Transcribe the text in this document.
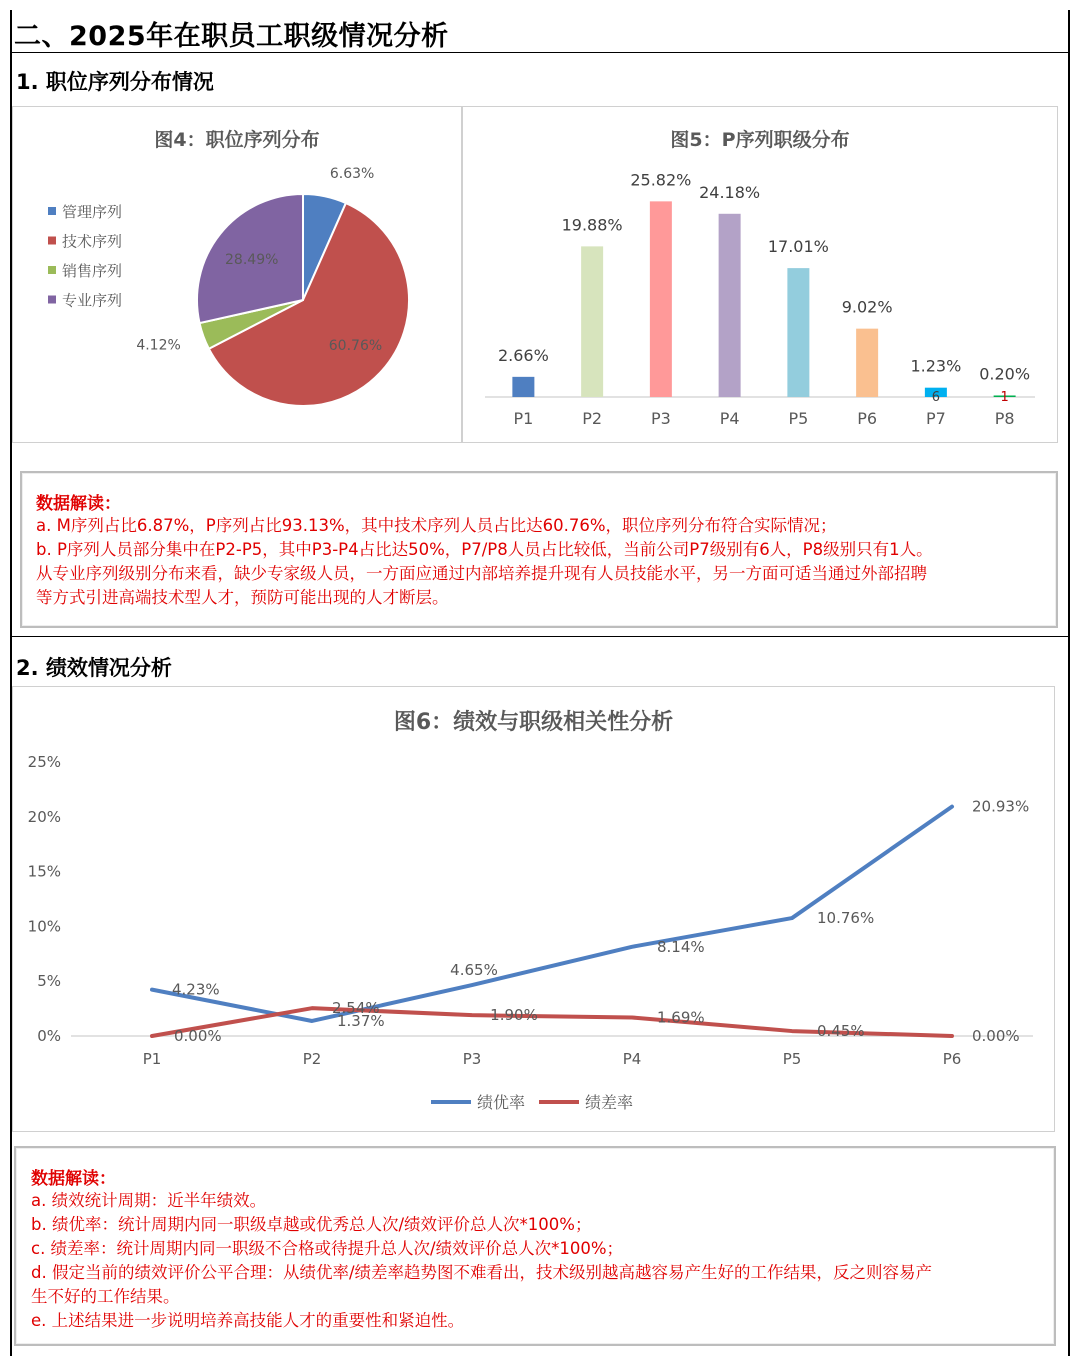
二、2025年在职员工职级情况分析
1. 职位序列分布情况
图4：职位序列分布
6.63%
60.76%
4.12%
28.49%
管理序列
技术序列
销售序列
专业序列
图5：P序列职级分布
2.66%
P1
19.88%
P2
25.82%
P3
24.18%
P4
17.01%
P5
9.02%
P6
1.23%
P7
6
0.20%
P8
1
数据解读：
a. M序列占比6.87%，P序列占比93.13%，其中技术序列人员占比达60.76%，职位序列分布符合实际情况；
b. P序列人员部分集中在P2-P5，其中P3-P4占比达50%，P7/P8人员占比较低，当前公司P7级别有6人，P8级别只有1人。
从专业序列级别分布来看，缺少专家级人员，一方面应通过内部培养提升现有人员技能水平，另一方面可适当通过外部招聘
等方式引进高端技术型人才，预防可能出现的人才断层。
2. 绩效情况分析
图6：绩效与职级相关性分析
0%
5%
10%
15%
20%
25%
P1	P2	P3	P4	P5	P6
4.23%
1.37%
4.65%
8.14%
10.76%
20.93%
0.00%
2.54%	1.90%	1.69%
0.45%	0.00%
绩优率	绩差率
数据解读：
a. 绩效统计周期：近半年绩效。
b. 绩优率：统计周期内同一职级卓越或优秀总人次/绩效评价总人次*100%；
c. 绩差率：统计周期内同一职级不合格或待提升总人次/绩效评价总人次*100%；
d. 假定当前的绩效评价公平合理：从绩优率/绩差率趋势图不难看出，技术级别越高越容易产生好的工作结果，反之则容易产
生不好的工作结果。
e. 上述结果进一步说明培养高技能人才的重要性和紧迫性。
